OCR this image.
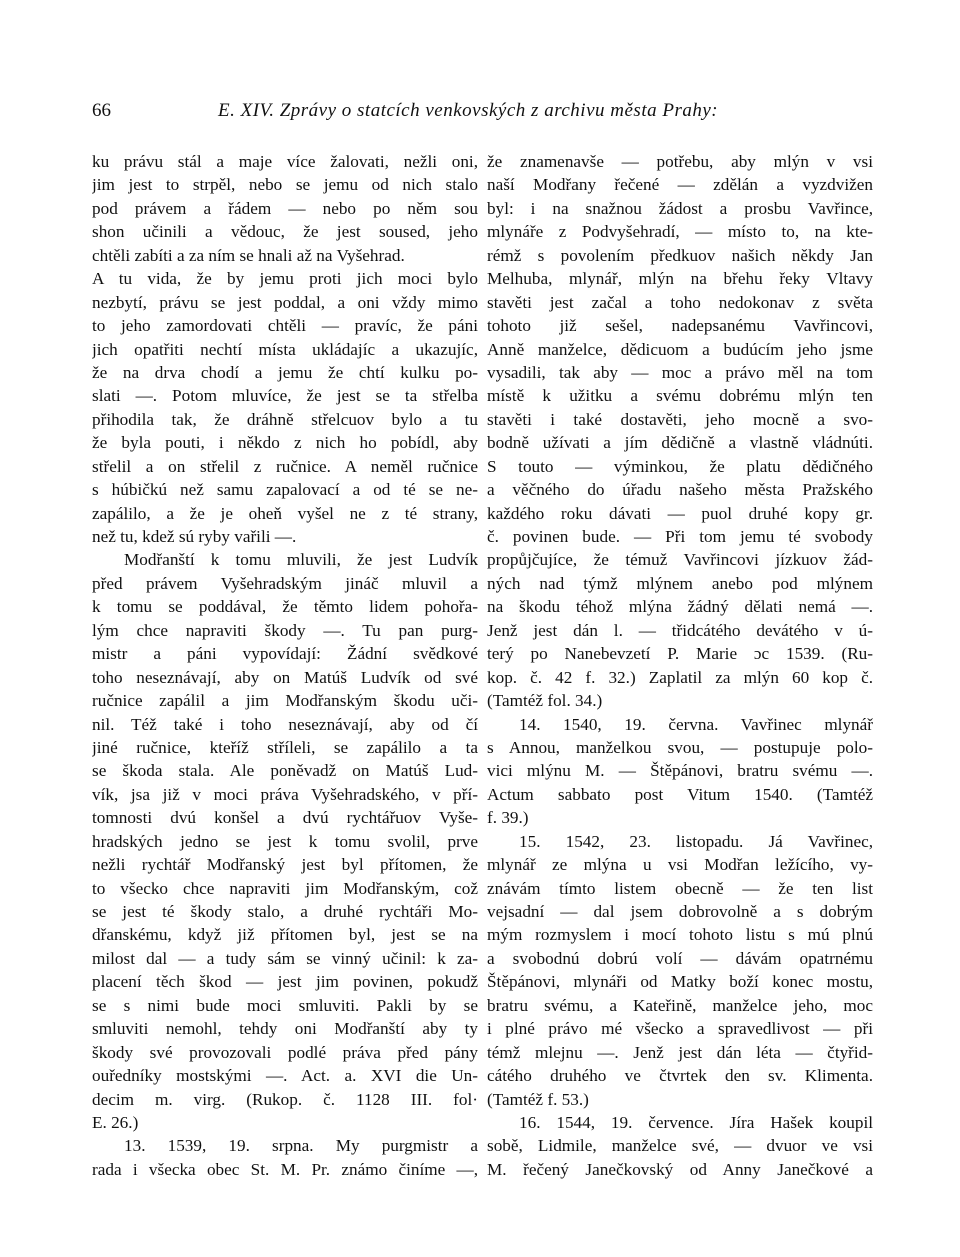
66	E. XIV. Zprávy o statcích venkovských z archivu města Prahy:
ku právu stál a maje více žalovati, nežli oni,
jim jest to strpěl, nebo se jemu od nich stalo
pod právem a řádem — nebo po něm sou
shon učinili a vědouc, že jest soused, jeho
chtěli zabíti a za ním se hnali až na Vyšehrad.
A tu vida, že by jemu proti jich moci bylo
nezbytí, právu se jest poddal, a oni vždy mimo
to jeho zamordovati chtěli — pravíc, že páni
jich opatřiti nechtí místa ukládajíc a ukazujíc,
že na drva chodí a jemu že chtí kulku po-
slati —. Potom mluvíce, že jest se ta střelba
přihodila tak, že dráhně střelcuov bylo a tu
že byla pouti, i někdo z nich ho pobídl, aby
střelil a on střelil z ručnice. A neměl ručnice
s húbičkú než samu zapalovací a od té se ne-
zapálilo, a že je oheň vyšel ne z té strany,
než tu, kdež sú ryby vařili —.
Modřanští k tomu mluvili, že jest Ludvík
před právem Vyšehradským jináč mluvil a
k tomu se poddával, že těmto lidem pohořa-
lým chce napraviti škody —. Tu pan purg-
mistr a páni vypovídají: Žádní svědkové
toho neseznávají, aby on Matúš Ludvík od své
ručnice zapálil a jim Modřanským škodu uči-
nil. Též také i toho neseznávají, aby od čí
jiné ručnice, kteříž stříleli, se zapálilo a ta
se škoda stala. Ale poněvadž on Matúš Lud-
vík, jsa již v moci práva Vyšehradského, v pří-
tomnosti dvú konšel a dvú rychtářuov Vyše-
hradských jedno se jest k tomu svolil, prve
nežli rychtář Modřanský jest byl přítomen, že
to všecko chce napraviti jim Modřanským, což
se jest té škody stalo, a druhé rychtáři Mo-
dřanskému, když již přítomen byl, jest se na
milost dal — a tudy sám se vinný učinil: k za-
placení těch škod — jest jim povinen, pokudž
se s nimi bude moci smluviti. Pakli by se
smluviti nemohl, tehdy oni Modřanští aby ty
škody své provozovali podlé práva před pány
ouředníky mostskými —. Act. a. XVI die Un-
decim m. virg. (Rukop. č. 1128 III. fol·
E. 26.)
13. 1539, 19. srpna. My purgmistr a
rada i všecka obec St. M. Pr. známo činíme —,
že znamenavše — potřebu, aby mlýn v vsi
naší Modřany řečené — zdělán a vyzdvižen
byl: i na snažnou žádost a prosbu Vavřince,
mlynáře z Podvyšehradí, — místo to, na kte-
rémž s povolením předkuov našich někdy Jan
Melhuba, mlynář, mlýn na břehu řeky Vltavy
stavěti jest začal a toho nedokonav z světa
tohoto již sešel, nadepsanému Vavřincovi,
Anně manželce, dědicuom a budúcím jeho jsme
vysadili, tak aby — moc a právo měl na tom
místě k užitku a svému dobrému mlýn ten
stavěti i také dostavěti, jeho mocně a svo-
bodně užívati a jím dědičně a vlastně vládnúti.
S touto — výminkou, že platu dědičného
a věčného do úřadu našeho města Pražského
každého roku dávati — puol druhé kopy gr.
č. povinen bude. — Při tom jemu té svobody
propůjčujíce, že témuž Vavřincovi jízkuov žád-
ných nad týmž mlýnem anebo pod mlýnem
na škodu téhož mlýna žádný dělati nemá —.
Jenž jest dán l. — třidcátého devátého v ú-
terý po Nanebevzetí P. Marie ɔc 1539. (Ru-
kop. č. 42 f. 32.) Zaplatil za mlýn 60 kop č.
(Tamtéž fol. 34.)
14. 1540, 19. června. Vavřinec mlynář
s Annou, manželkou svou, — postupuje polo-
vici mlýnu M. — Štěpánovi, bratru svému —.
Actum sabbato post Vitum 1540. (Tamtéž
f. 39.)
15. 1542, 23. listopadu. Já Vavřinec,
mlynář ze mlýna u vsi Modřan ležícího, vy-
znávám tímto listem obecně — že ten list
vejsadní — dal jsem dobrovolně a s dobrým
mým rozmyslem i mocí tohoto listu s mú plnú
a svobodnú dobrú volí — dávám opatrnému
Štěpánovi, mlynáři od Matky boží konec mostu,
bratru svému, a Kateřině, manželce jeho, moc
i plné právo mé všecko a spravedlivost — při
témž mlejnu —. Jenž jest dán léta — čtyřid-
cátého druhého ve čtvrtek den sv. Klimenta.
(Tamtéž f. 53.)
16. 1544, 19. července. Jíra Hašek koupil
sobě, Lidmile, manželce své, — dvuor ve vsi
M. řečený Janečkovský od Anny Janečkové a
